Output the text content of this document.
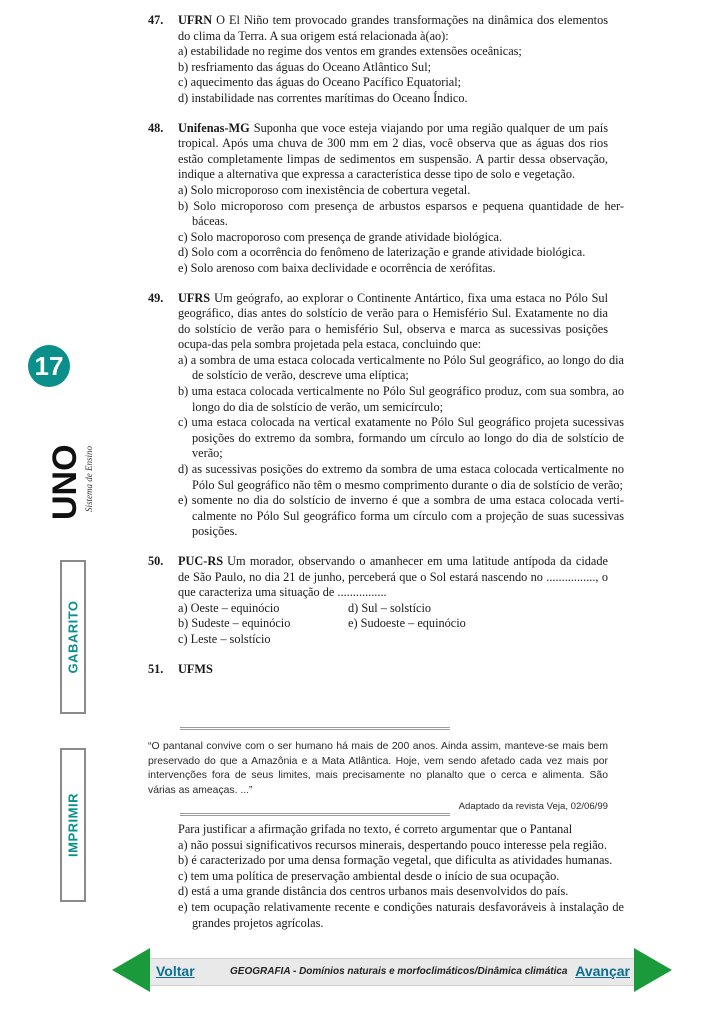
17
UNO Sistema de Ensino
GABARITO
IMPRIMIR
47.	UFRN O El Niño tem provocado grandes transformações na dinâmica dos elementos do clima da Terra. A sua origem está relacionada à(ao):
a) estabilidade no regime dos ventos em grandes extensões oceânicas;
b) resfriamento das águas do Oceano Atlântico Sul;
c) aquecimento das águas do Oceano Pacífico Equatorial;
d) instabilidade nas correntes marítimas do Oceano Índico.
48.	Unifenas-MG Suponha que voce esteja viajando por uma região qualquer de um país tropical. Após uma chuva de 300 mm em 2 dias, você observa que as águas dos rios estão completamente limpas de sedimentos em suspensão. A partir dessa observação, indique a alternativa que expressa a característica desse tipo de solo e vegetação.
a) Solo microporoso com inexistência de cobertura vegetal.
b) Solo microporoso com presença de arbustos esparsos e pequena quantidade de her-báceas.
c) Solo macroporoso com presença de grande atividade biológica.
d) Solo com a ocorrência do fenômeno de laterização e grande atividade biológica.
e) Solo arenoso com baixa declividade e ocorrência de xerófitas.
49.	UFRS Um geógrafo, ao explorar o Continente Antártico, fixa uma estaca no Pólo Sul geográfico, dias antes do solstício de verão para o Hemisfério Sul. Exatamente no dia do solstício de verão para o hemisfério Sul, observa e marca as sucessivas posições ocupa-das pela sombra projetada pela estaca, concluindo que:
a) a sombra de uma estaca colocada verticalmente no Pólo Sul geográfico, ao longo do dia de solstício de verão, descreve uma elíptica;
b) uma estaca colocada verticalmente no Pólo Sul geográfico produz, com sua sombra, ao longo do dia de solstício de verão, um semicírculo;
c) uma estaca colocada na vertical exatamente no Pólo Sul geográfico projeta sucessivas posições do extremo da sombra, formando um círculo ao longo do dia de solstício de verão;
d) as sucessivas posições do extremo da sombra de uma estaca colocada verticalmente no Pólo Sul geográfico não têm o mesmo comprimento durante o dia de solstício de verão;
e) somente no dia do solstício de inverno é que a sombra de uma estaca colocada verti-calmente no Pólo Sul geográfico forma um círculo com a projeção de suas sucessivas posições.
50.	PUC-RS Um morador, observando o amanhecer em uma latitude antípoda da cidade de São Paulo, no dia 21 de junho, perceberá que o Sol estará nascendo no ................, o que caracteriza uma situação de ................
a) Oeste – equinócio	d) Sul – solstício
b) Sudeste – equinócio	e) Sudoeste – equinócio
c) Leste – solstício
51.	UFMS
“O pantanal convive com o ser humano há mais de 200 anos. Ainda assim, manteve-se mais bem preservado do que a Amazônia e a Mata Atlântica. Hoje, vem sendo afetado cada vez mais por intervenções fora de seus limites, mais precisamente no planalto que o cerca e alimenta. São várias as ameaças. ...”
Adaptado da revista Veja, 02/06/99
Para justificar a afirmação grifada no texto, é correto argumentar que o Pantanal
a) não possui significativos recursos minerais, despertando pouco interesse pela região.
b) é caracterizado por uma densa formação vegetal, que dificulta as atividades humanas.
c) tem uma política de preservação ambiental desde o início de sua ocupação.
d) está a uma grande distância dos centros urbanos mais desenvolvidos do país.
e) tem ocupação relativamente recente e condições naturais desfavoráveis à instalação de grandes projetos agrícolas.
Voltar	GEOGRAFIA - Domínios naturais e morfoclimáticos/Dinâmica climática Avançar
